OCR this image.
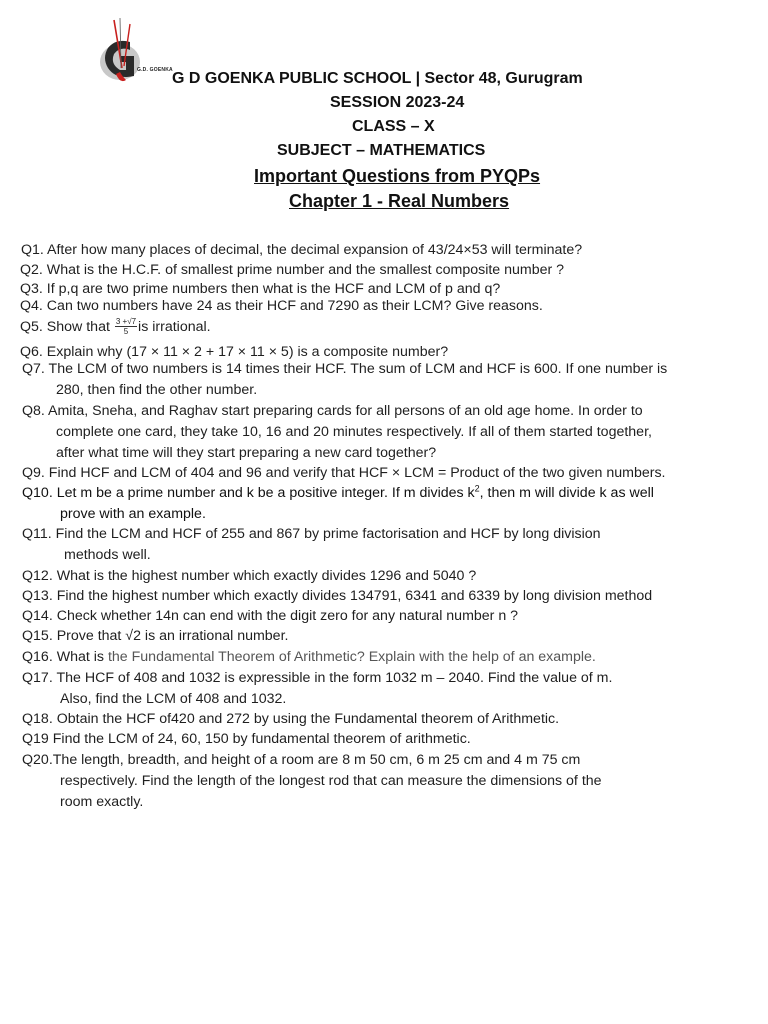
G.D. GOENKA G D GOENKA PUBLIC SCHOOL | Sector 48, Gurugram
SESSION 2023-24
CLASS – X
SUBJECT – MATHEMATICS
Important Questions from PYQPs
Chapter 1 - Real Numbers
Q1. After how many places of decimal, the decimal expansion of 43/24×53 will terminate?
Q2. What is the H.C.F. of smallest prime number and the smallest composite number ?
Q3. If p,q are two prime numbers then what is the HCF and LCM of p and q?
Q4. Can two numbers have 24 as their HCF and 7290 as their LCM? Give reasons.
Q5. Show that $\frac{3 +√7}{5}$ is irrational.
Q6. Explain why (17 × 11 × 2 + 17 × 11 × 5) is a composite number?
Q7. The LCM of two numbers is 14 times their HCF. The sum of LCM and HCF is 600. If one number is
280, then find the other number.
Q8. Amita, Sneha, and Raghav start preparing cards for all persons of an old age home. In order to
complete one card, they take 10, 16 and 20 minutes respectively. If all of them started together,
after what time will they start preparing a new card together?
Q9. Find HCF and LCM of 404 and 96 and verify that HCF × LCM = Product of the two given numbers.
Q10. Let m be a prime number and k be a positive integer. If m divides $k^2$, then m will divide k as well
prove with an example.
Q11. Find the LCM and HCF of 255 and 867 by prime factorisation and HCF by long division
methods well.
Q12. What is the highest number which exactly divides 1296 and 5040 ?
Q13. Find the highest number which exactly divides 134791, 6341 and 6339 by long division method
Q14. Check whether 14n can end with the digit zero for any natural number n ?
Q15. Prove that √2 is an irrational number.
Q16. What is the Fundamental Theorem of Arithmetic? Explain with the help of an example.
Q17. The HCF of 408 and 1032 is expressible in the form 1032 m – 2040. Find the value of m.
Also, find the LCM of 408 and 1032.
Q18. Obtain the HCF of420 and 272 by using the Fundamental theorem of Arithmetic.
Q19 Find the LCM of 24, 60, 150 by fundamental theorem of arithmetic.
Q20.The length, breadth, and height of a room are 8 m 50 cm, 6 m 25 cm and 4 m 75 cm
respectively. Find the length of the longest rod that can measure the dimensions of the
room exactly.
